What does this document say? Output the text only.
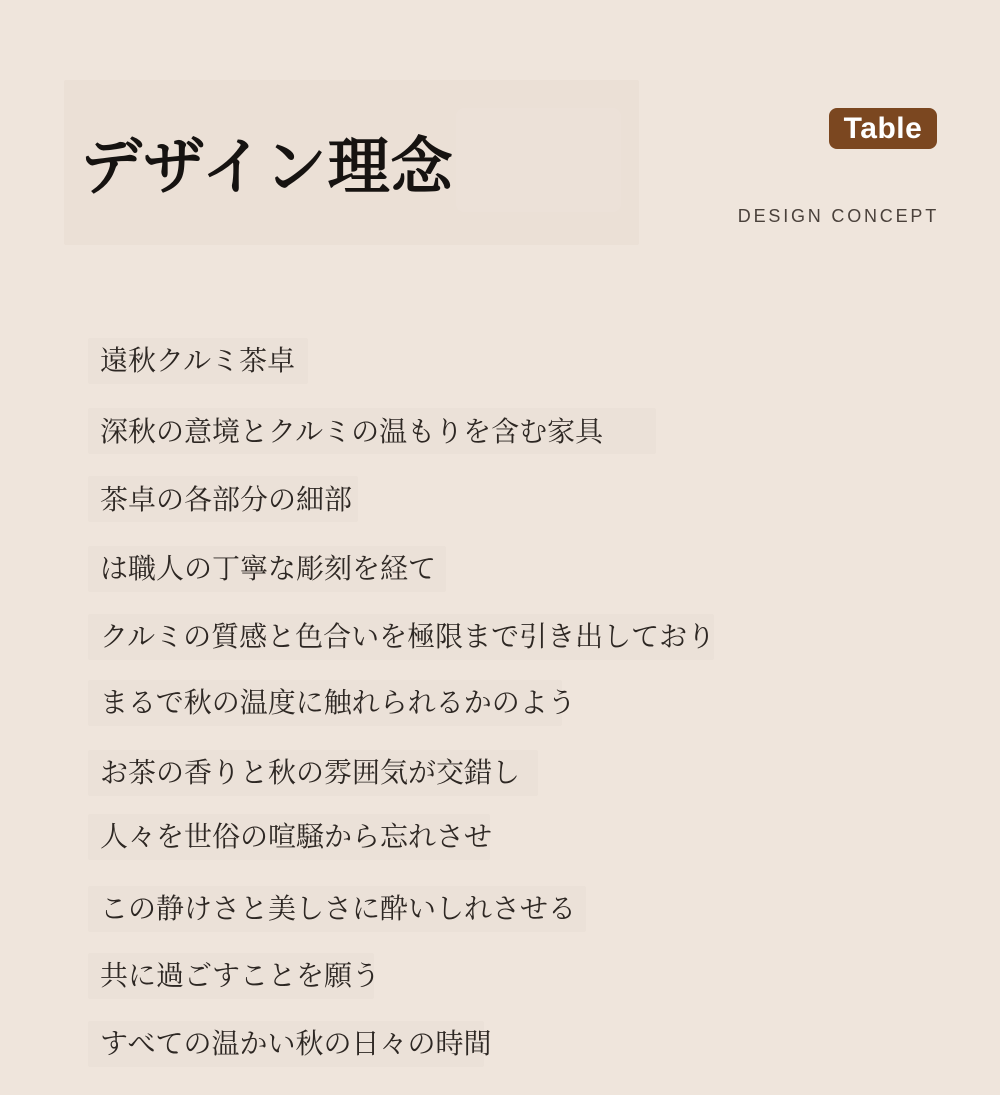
デザイン理念
Table
DESIGN CONCEPT
遠秋クルミ茶卓
深秋の意境とクルミの温もりを含む家具
茶卓の各部分の細部
は職人の丁寧な彫刻を経て
クルミの質感と色合いを極限まで引き出しており
まるで秋の温度に触れられるかのよう
お茶の香りと秋の雰囲気が交錯し
人々を世俗の喧騒から忘れさせ
この静けさと美しさに酔いしれさせる
共に過ごすことを願う
すべての温かい秋の日々の時間
